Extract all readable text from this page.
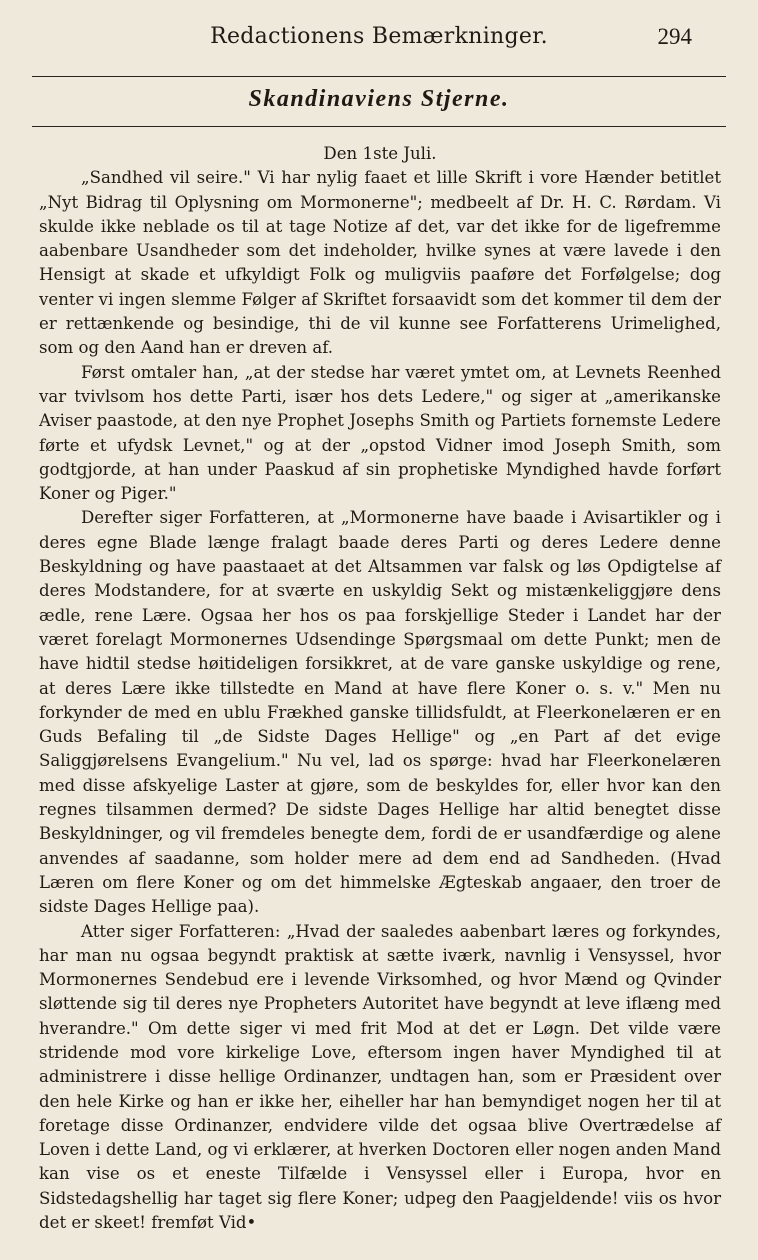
Redactionens Bemærkninger.	294
Skandinaviens Stjerne.

Den 1ste Juli.

„Sandhed vil seire." Vi har nylig faaet et lille Skrift i vore Hænder betitlet „Nyt Bidrag til Oplysning om Mormonerne"; medbeelt af Dr. H. C. Rørdam. Vi skulde ikke neblade os til at tage Notize af det, var det ikke for de ligefremme aabenbare Usandheder som det indeholder, hvilke synes at være lavede i den Hensigt at skade et ufkyldigt Folk og muligviis paaføre det Forfølgelse; dog venter vi ingen slemme Følger af Skriftet forsaavidt som det kommer til dem der er rettænkende og besindige, thi de vil kunne see Forfatterens Urimelighed, som og den Aand han er dreven af.

Først omtaler han, „at der stedse har været ymtet om, at Levnets Reenhed var tvivlsom hos dette Parti, især hos dets Ledere," og siger at „amerikanske Aviser paastode, at den nye Prophet Josephs Smith og Partiets fornemste Ledere førte et ufydsk Levnet," og at der „opstod Vidner imod Joseph Smith, som godtgjorde, at han under Paaskud af sin prophetiske Myndighed havde forført Koner og Piger."

Derefter siger Forfatteren, at „Mormonerne have baade i Avisartikler og i deres egne Blade længe fralagt baade deres Parti og deres Ledere denne Beskyldning og have paastaaet at det Altsammen var falsk og løs Opdigtelse af deres Modstandere, for at sværte en uskyldig Sekt og mistænkeliggjøre dens ædle, rene Lære. Ogsaa her hos os paa forskjellige Steder i Landet har der været forelagt Mormonernes Udsendinge Spørgsmaal om dette Punkt; men de have hidtil stedse høitideligen forsikkret, at de vare ganske uskyldige og rene, at deres Lære ikke tillstedte en Mand at have flere Koner o. s. v." Men nu forkynder de med en ublu Frækhed ganske tillidsfuldt, at Fleerkonelæren er en Guds Befaling til „de Sidste Dages Hellige" og „en Part af det evige Saliggjørelsens Evangelium." Nu vel, lad os spørge: hvad har Fleerkonelæren med disse afskyelige Laster at gjøre, som de beskyldes for, eller hvor kan den regnes tilsammen dermed? De sidste Dages Hellige har altid benegtet disse Beskyldninger, og vil fremdeles benegte dem, fordi de er usandfærdige og alene anvendes af saadanne, som holder mere ad dem end ad Sandheden. (Hvad Læren om flere Koner og om det himmelske Ægteskab angaaer, den troer de sidste Dages Hellige paa).

Atter siger Forfatteren: „Hvad der saaledes aabenbart læres og forkyndes, har man nu ogsaa begyndt praktisk at sætte iværk, navnlig i Vensyssel, hvor Mormonernes Sendebud ere i levende Virksomhed, og hvor Mænd og Qvinder sløttende sig til deres nye Propheters Autoritet have begyndt at leve iflæng med hverandre." Om dette siger vi med frit Mod at det er Løgn. Det vilde være stridende mod vore kirkelige Love, eftersom ingen haver Myndighed til at administrere i disse hellige Ordinanzer, undtagen han, som er Præsident over den hele Kirke og han er ikke her, eiheller har han bemyndiget nogen her til at foretage disse Ordinanzer, endvidere vilde det ogsaa blive Overtrædelse af Loven i dette Land, og vi erklærer, at hverken Doctoren eller nogen anden Mand kan vise os et eneste Tilfælde i Vensyssel eller i Europa, hvor en Sidstedagshellig har taget sig flere Koner; udpeg den Paagjeldende! viis os hvor det er skeet! fremføt Vid•
